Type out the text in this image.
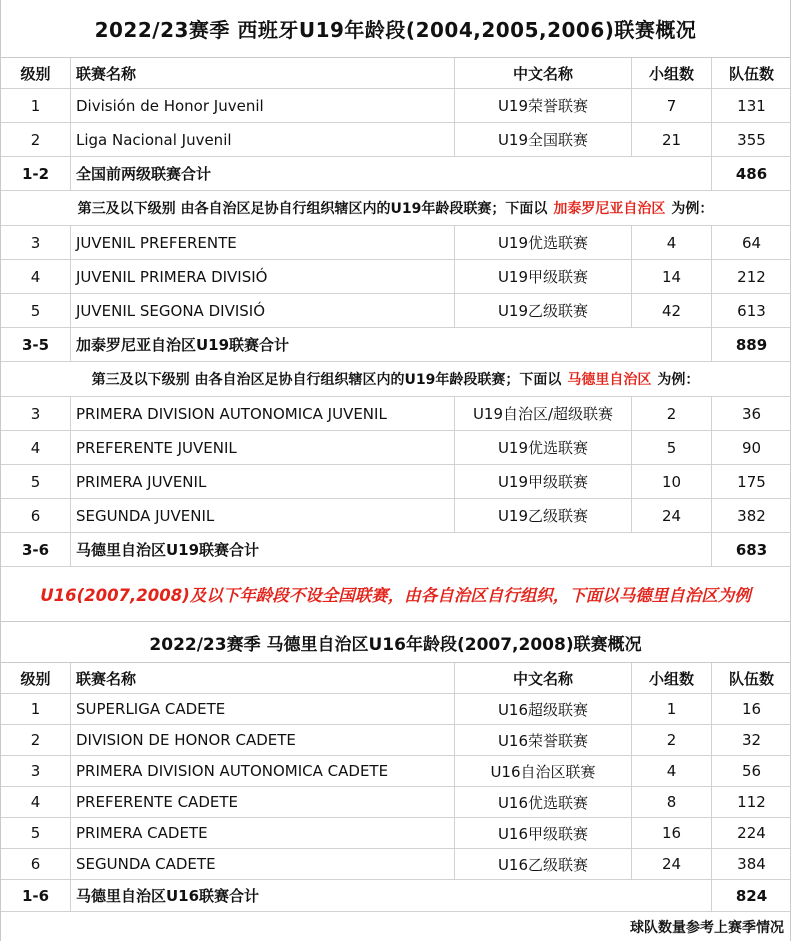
2022/23赛季 西班牙U19年龄段(2004,2005,2006)联赛概况
级别	联赛名称	中文名称	小组数	队伍数
1	División de Honor Juvenil	U19荣誉联赛	7	131
2	Liga Nacional Juvenil	U19全国联赛	21	355
1-2	全国前两级联赛合计	486
第三及以下级别 由各自治区足协自行组织辖区内的U19年龄段联赛；下面以 加泰罗尼亚自治区 为例：
3	JUVENIL PREFERENTE	U19优选联赛	4	64
4	JUVENIL PRIMERA DIVISIÓ	U19甲级联赛	14	212
5	JUVENIL SEGONA DIVISIÓ	U19乙级联赛	42	613
3-5	加泰罗尼亚自治区U19联赛合计	889
第三及以下级别 由各自治区足协自行组织辖区内的U19年龄段联赛；下面以 马德里自治区 为例：
3	PRIMERA DIVISION AUTONOMICA JUVENIL	U19自治区/超级联赛	2	36
4	PREFERENTE JUVENIL	U19优选联赛	5	90
5	PRIMERA JUVENIL	U19甲级联赛	10	175
6	SEGUNDA JUVENIL	U19乙级联赛	24	382
3-6	马德里自治区U19联赛合计	683
U16(2007,2008)及以下年龄段不设全国联赛，由各自治区自行组织，下面以马德里自治区为例
2022/23赛季 马德里自治区U16年龄段(2007,2008)联赛概况
级别	联赛名称	中文名称	小组数	队伍数
1	SUPERLIGA CADETE	U16超级联赛	1	16
2	DIVISION DE HONOR CADETE	U16荣誉联赛	2	32
3	PRIMERA DIVISION AUTONOMICA CADETE	U16自治区联赛	4	56
4	PREFERENTE CADETE	U16优选联赛	8	112
5	PRIMERA CADETE	U16甲级联赛	16	224
6	SEGUNDA CADETE	U16乙级联赛	24	384
1-6	马德里自治区U16联赛合计	824
球队数量参考上赛季情况
